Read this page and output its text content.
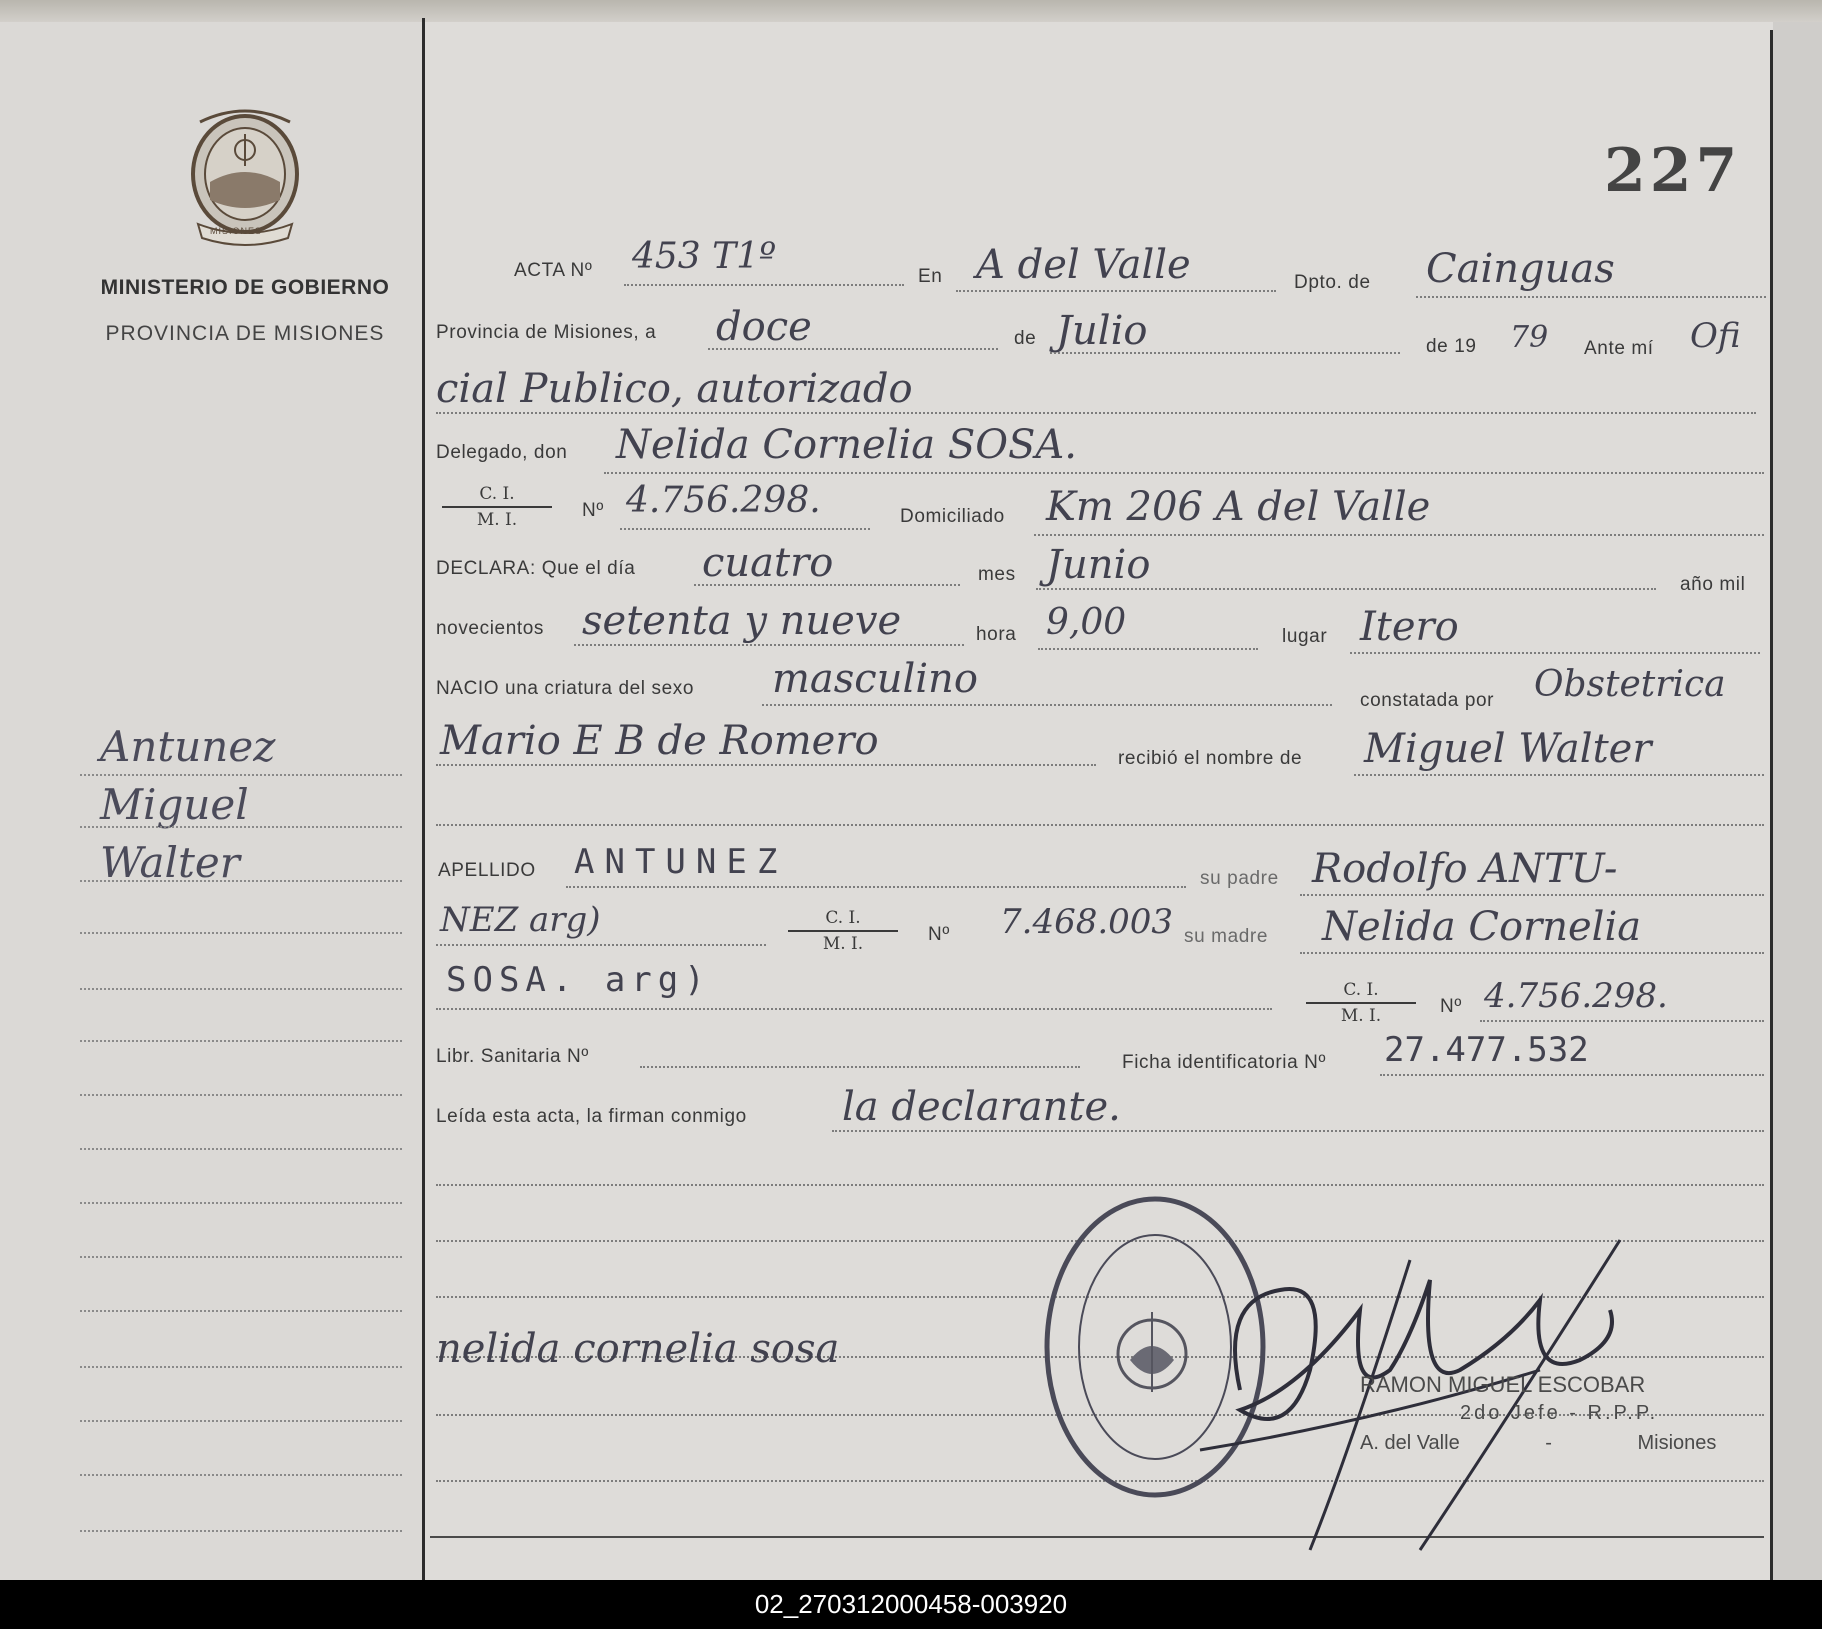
MISIONES
MINISTERIO DE GOBIERNO
PROVINCIA DE MISIONES
Antunez
Miguel
Walter
227
ACTA Nº 453 T1º	En A del Valle	Dpto. de Cainguas
Provincia de Misiones, a doce	de Julio	de 19 79 Ante mí Ofi
cial Publico, autorizado
Delegado, don Nelida Cornelia SOSA.
$\frac{C. I.}{M. I.}$ Nº 4.756.298.	Domiciliado Km 206 A del Valle
DECLARA: Que el día cuatro	mes Junio	año mil
novecientos setenta y nueve	hora 9,00	lugar Itero
NACIO una criatura del sexo masculino	constatada por Obstetrica
Mario E B de Romero	recibió el nombre de Miguel Walter
APELLIDO ANTUNEZ	su padre Rodolfo ANTU-
NEZ arg)	$\frac{C. I.}{M. I.}$ Nº 7.468.003 su madre Nelida Cornelia
SOSA. arg)	$\frac{C. I.}{M. I.}$ Nº 4.756.298.
Libr. Sanitaria Nº	Ficha identificatoria Nº 27.477.532
Leída esta acta, la firman conmigo la declarante.
nelida cornelia sosa
RAMON MIGUEL ESCOBAR
2do Jefe - R.P.P.
A. del Valle	-	Misiones
02_270312000458-003920
